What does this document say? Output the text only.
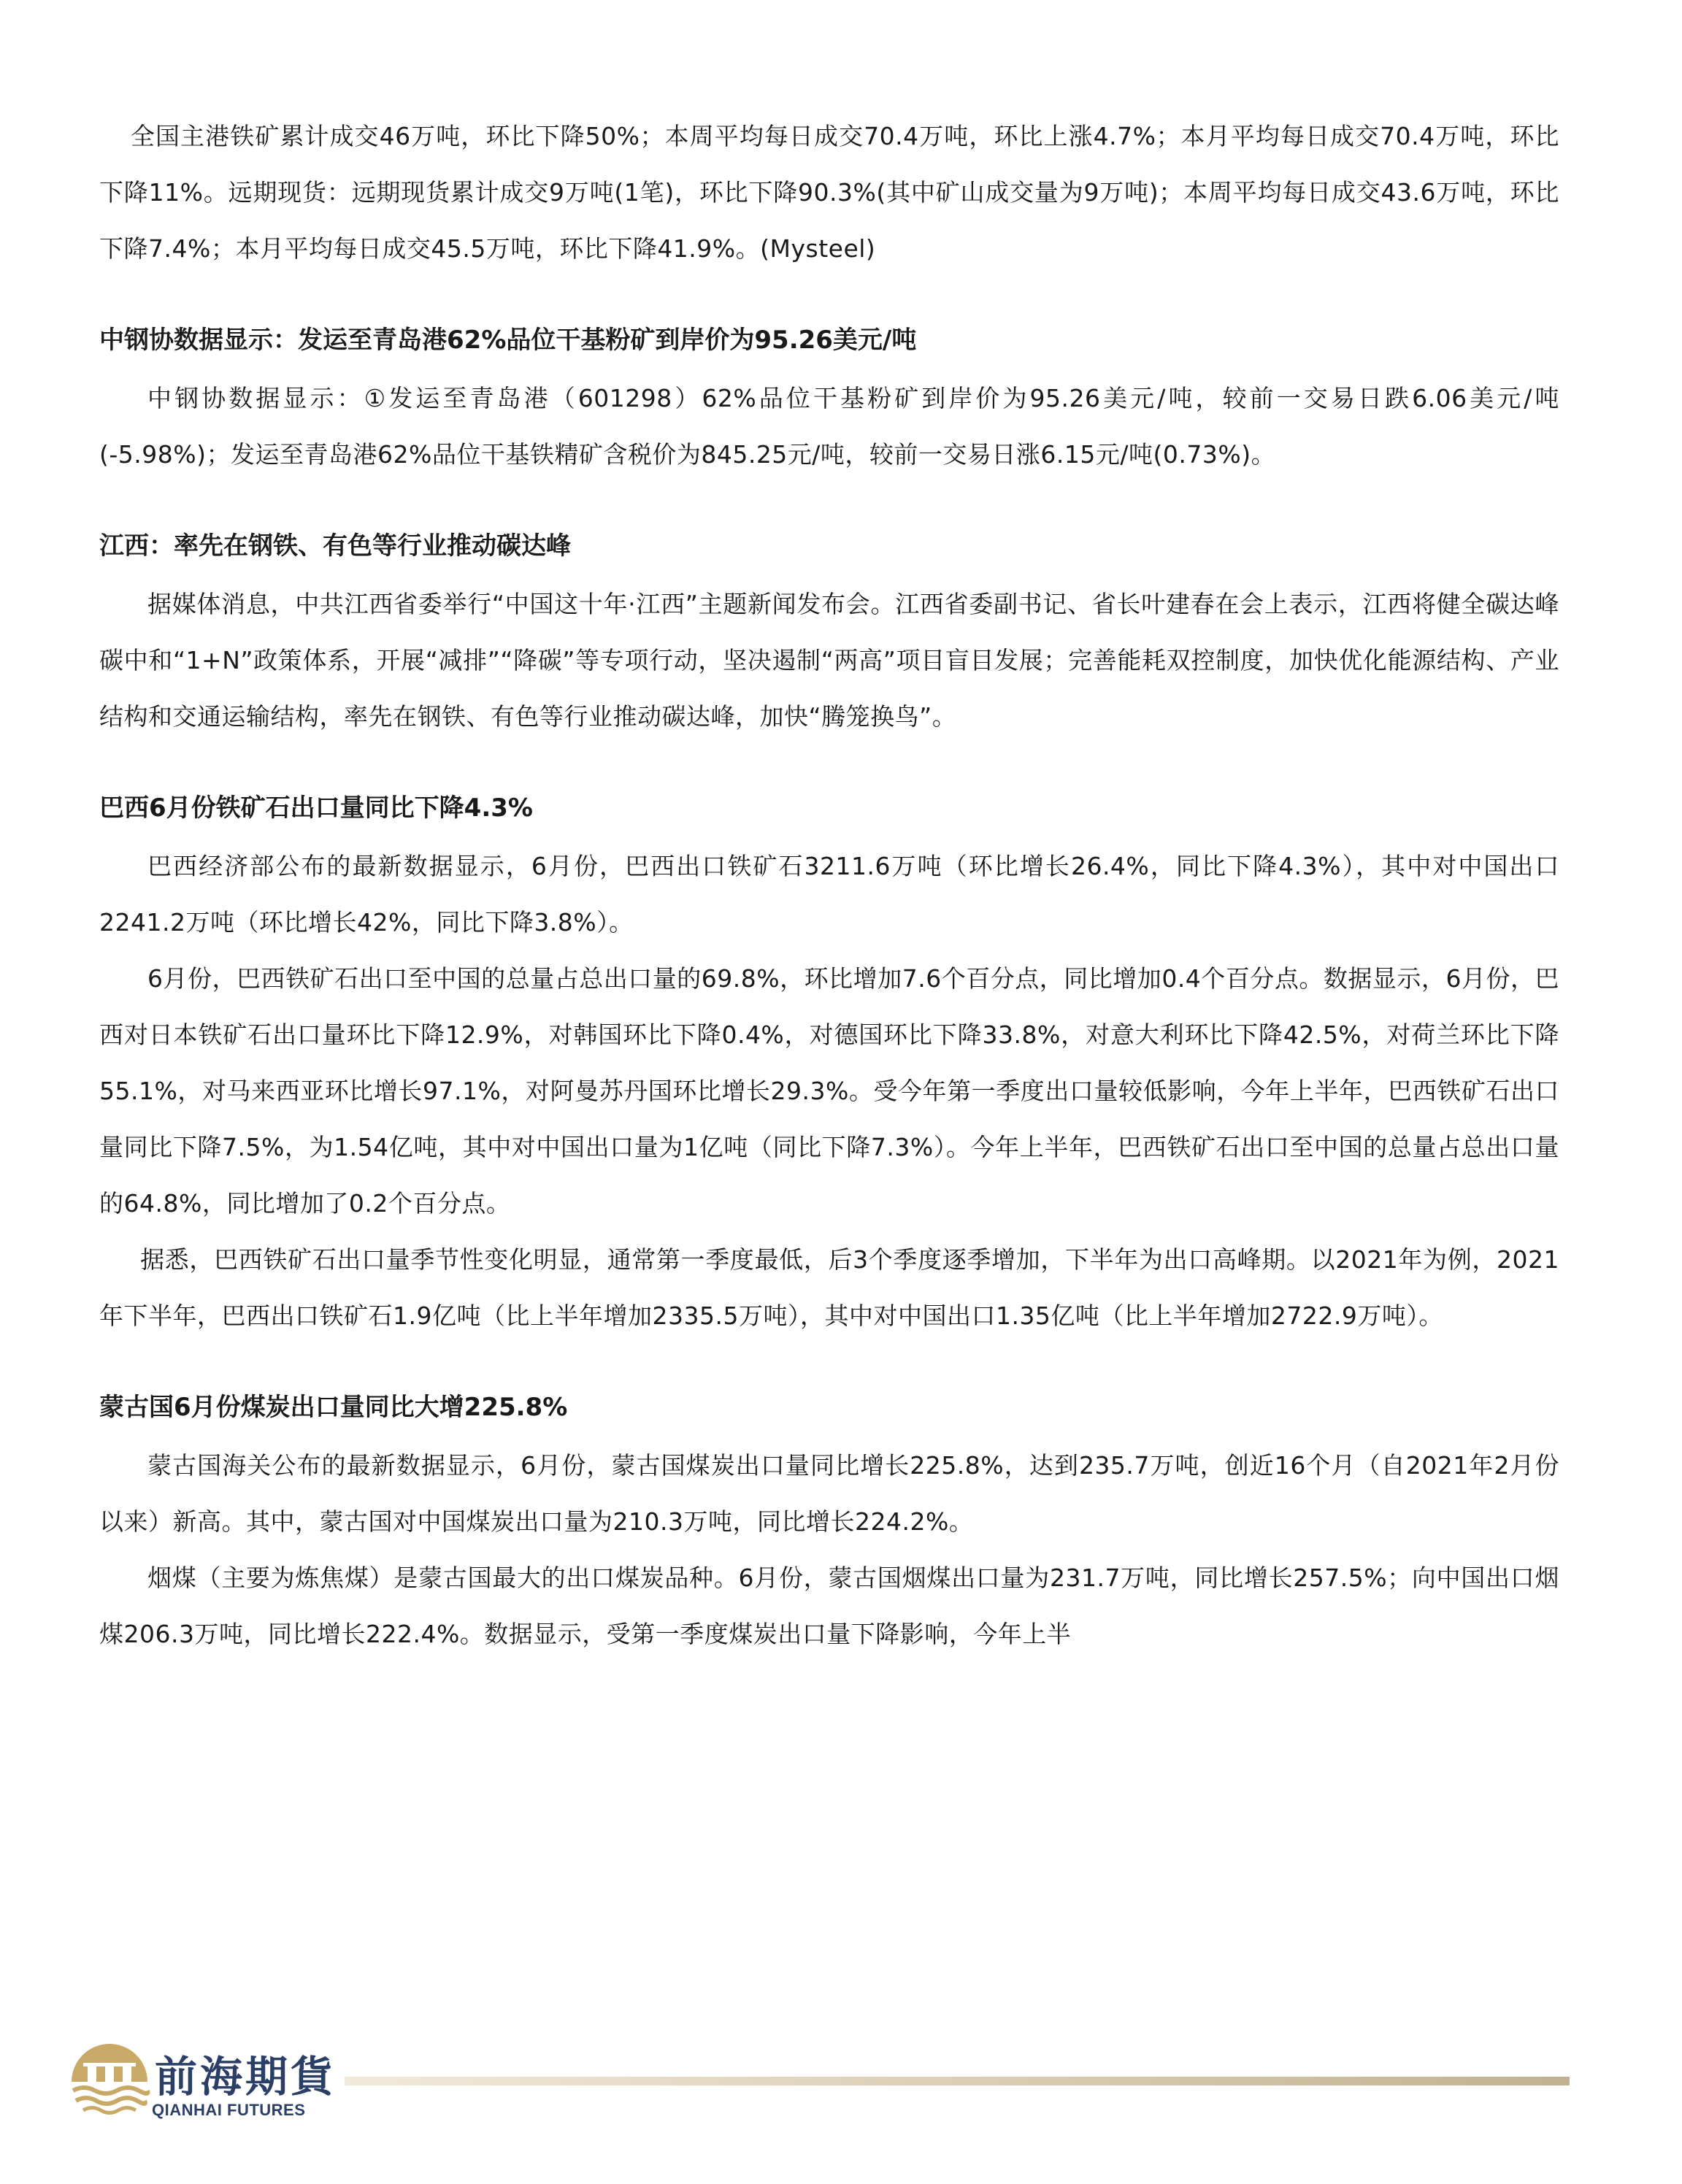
全国主港铁矿累计成交46万吨，环比下降50%；本周平均每日成交70.4万吨，环比上涨4.7%；本月平均每日成交70.4万吨，环比下降11%。远期现货：远期现货累计成交9万吨(1笔)，环比下降90.3%(其中矿山成交量为9万吨)；本周平均每日成交43.6万吨，环比下降7.4%；本月平均每日成交45.5万吨，环比下降41.9%。(Mysteel)

中钢协数据显示：发运至青岛港62%品位干基粉矿到岸价为95.26美元/吨

中钢协数据显示：①发运至青岛港（601298）62%品位干基粉矿到岸价为95.26美元/吨，较前一交易日跌6.06美元/吨(-5.98%)；发运至青岛港62%品位干基铁精矿含税价为845.25元/吨，较前一交易日涨6.15元/吨(0.73%)。

江西：率先在钢铁、有色等行业推动碳达峰

据媒体消息，中共江西省委举行“中国这十年·江西”主题新闻发布会。江西省委副书记、省长叶建春在会上表示，江西将健全碳达峰碳中和“1+N”政策体系，开展“减排”“降碳”等专项行动，坚决遏制“两高”项目盲目发展；完善能耗双控制度，加快优化能源结构、产业结构和交通运输结构，率先在钢铁、有色等行业推动碳达峰，加快“腾笼换鸟”。

巴西6月份铁矿石出口量同比下降4.3%

巴西经济部公布的最新数据显示，6月份，巴西出口铁矿石3211.6万吨（环比增长26.4%，同比下降4.3%），其中对中国出口2241.2万吨（环比增长42%，同比下降3.8%）。

6月份，巴西铁矿石出口至中国的总量占总出口量的69.8%，环比增加7.6个百分点，同比增加0.4个百分点。数据显示，6月份，巴西对日本铁矿石出口量环比下降12.9%，对韩国环比下降0.4%，对德国环比下降33.8%，对意大利环比下降42.5%，对荷兰环比下降55.1%，对马来西亚环比增长97.1%，对阿曼苏丹国环比增长29.3%。受今年第一季度出口量较低影响，今年上半年，巴西铁矿石出口量同比下降7.5%，为1.54亿吨，其中对中国出口量为1亿吨（同比下降7.3%）。今年上半年，巴西铁矿石出口至中国的总量占总出口量的64.8%，同比增加了0.2个百分点。

据悉，巴西铁矿石出口量季节性变化明显，通常第一季度最低，后3个季度逐季增加，下半年为出口高峰期。以2021年为例，2021年下半年，巴西出口铁矿石1.9亿吨（比上半年增加2335.5万吨），其中对中国出口1.35亿吨（比上半年增加2722.9万吨）。

蒙古国6月份煤炭出口量同比大增225.8%

蒙古国海关公布的最新数据显示，6月份，蒙古国煤炭出口量同比增长225.8%，达到235.7万吨，创近16个月（自2021年2月份以来）新高。其中，蒙古国对中国煤炭出口量为210.3万吨，同比增长224.2%。

烟煤（主要为炼焦煤）是蒙古国最大的出口煤炭品种。6月份，蒙古国烟煤出口量为231.7万吨，同比增长257.5%；向中国出口烟煤206.3万吨，同比增长222.4%。数据显示，受第一季度煤炭出口量下降影响，今年上半

前海期貨
QIANHAI FUTURES
